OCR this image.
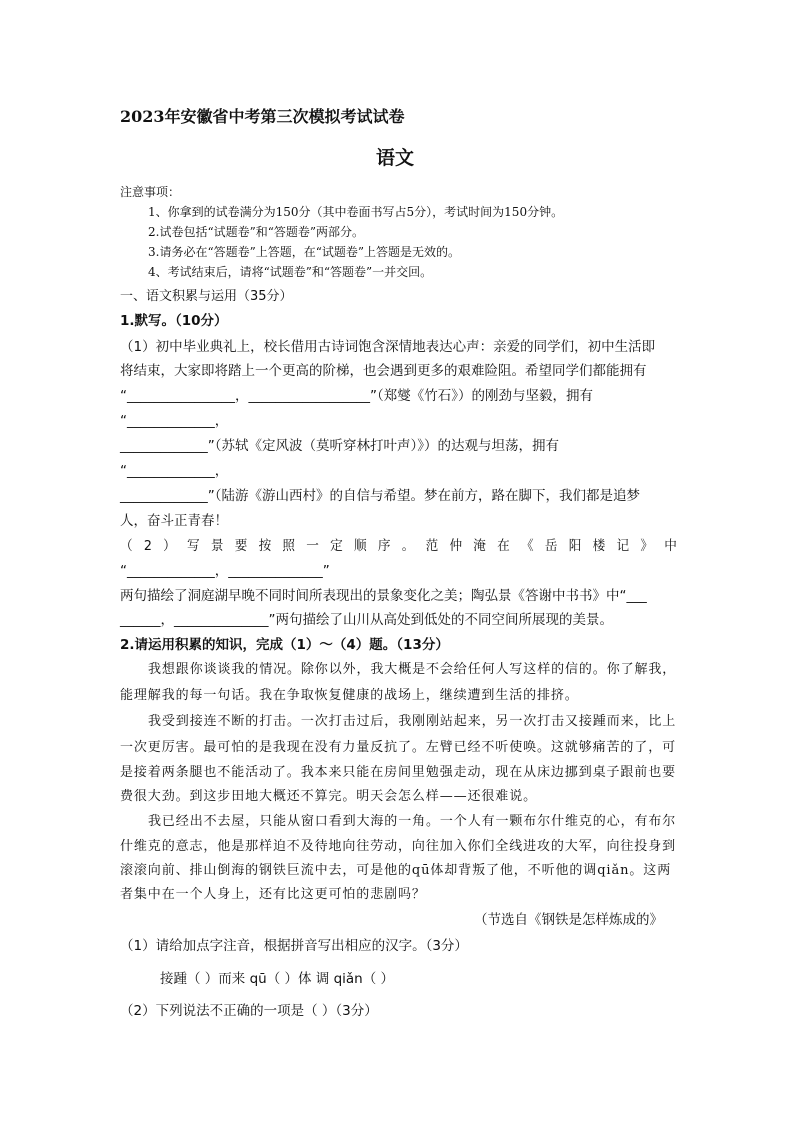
2023年安徽省中考第三次模拟考试试卷
语文
注意事项：
1、你拿到的试卷满分为150分（其中卷面书写占5分），考试时间为150分钟。
2.试卷包括“试题卷”和“答题卷”两部分。
3.请务必在“答题卷”上答题，在“试题卷”上答题是无效的。
4、考试结束后，请将“试题卷”和“答题卷”一并交回。
一、语文积累与运用（35分）
1.默写。（10分）
（1）初中毕业典礼上，校长借用古诗词饱含深情地表达心声：亲爱的同学们，初中生活即
将结束，大家即将踏上一个更高的阶梯，也会遇到更多的艰难险阻。希望同学们都能拥有
“________________，__________________”（郑燮《竹石》）的刚劲与坚毅，拥有
“_____________，
_____________”（苏轼《定风波（莫听穿林打叶声）》）的达观与坦荡，拥有
“_____________，
_____________”（陆游《游山西村》的自信与希望。梦在前方，路在脚下，我们都是追梦
人，奋斗正青春！
（2）写景要按照一定顺序。范仲淹在《岳阳楼记》中
“_____________，______________”
两句描绘了洞庭湖早晚不同时间所表现出的景象变化之美；陶弘景《答谢中书书》中“___
______，______________”两句描绘了山川从高处到低处的不同空间所展现的美景。
2.请运用积累的知识，完成（1）～（4）题。（13分）
我想跟你谈谈我的情况。除你以外，我大概是不会给任何人写这样的信的。你了解我，
能理解我的每一句话。我在争取恢复健康的战场上，继续遭到生活的排挤。
我受到接连不断的打击。一次打击过后，我刚刚站起来，另一次打击又接踵而来，比上
一次更厉害。最可怕的是我现在没有力量反抗了。左臂已经不听使唤。这就够痛苦的了，可
是接着两条腿也不能活动了。我本来只能在房间里勉强走动，现在从床边挪到桌子跟前也要
费很大劲。到这步田地大概还不算完。明天会怎么样——还很难说。
我已经出不去屋，只能从窗口看到大海的一角。一个人有一颗布尔什维克的心，有布尔
什维克的意志，他是那样迫不及待地向往劳动，向往加入你们全线进攻的大军，向往投身到
滚滚向前、排山倒海的钢铁巨流中去，可是他的qū体却背叛了他，不听他的调qiǎn。这两
者集中在一个人身上，还有比这更可怕的悲剧吗？
（节选自《钢铁是怎样炼成的》
（1）请给加点字注音，根据拼音写出相应的汉字。（3分）
接踵（ ）而来 qū（ ）体 调 qiǎn（ ）
（2）下列说法不正确的一项是（ ）（3分）
